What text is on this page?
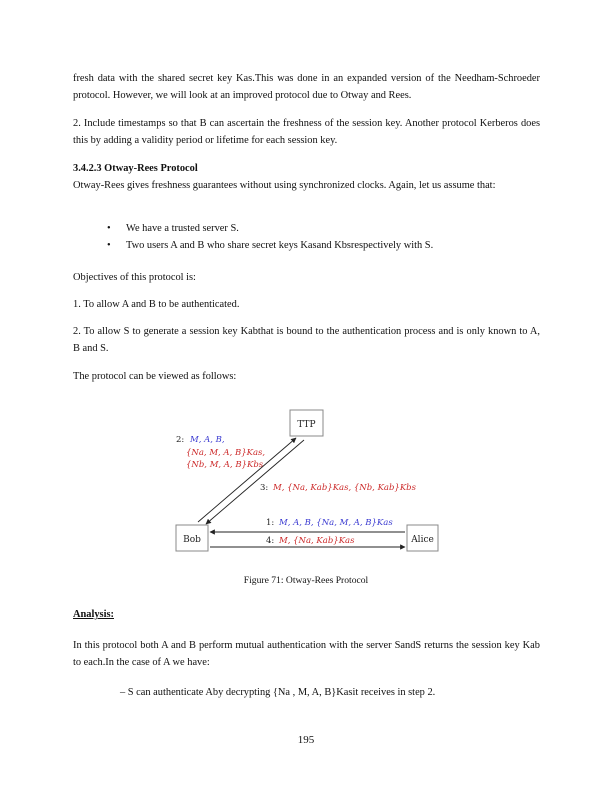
fresh data with the shared secret key Kas.This was done in an expanded version of the Needham-Schroeder protocol. However, we will look at an improved protocol due to Otway and Rees.

2. Include timestamps so that B can ascertain the freshness of the session key. Another protocol Kerberos does this by adding a validity period or lifetime for each session key.

3.4.2.3 Otway-Rees Protocol

Otway-Rees gives freshness guarantees without using synchronized clocks. Again, let us assume that:

• We have a trusted server S.
• Two users A and B who share secret keys Kasand Kbsrespectively with S.

Objectives of this protocol is:

1. To allow A and B to be authenticated.

2. To allow S to generate a session key Kabthat is bound to the authentication process and is only known to A, B and S.

The protocol can be viewed as follows:

TTP
Bob	Alice
2: M, A, B,
{Na, M, A, B}Kas,
{Nb, M, A, B}Kbs
3: M, {Na, Kab}Kas, {Nb, Kab}Kbs
1: M, A, B, {Na, M, A, B}Kas
4: M, {Na, Kab}Kas
Figure 71: Otway-Rees Protocol

Analysis:

In this protocol both A and B perform mutual authentication with the server SandS returns the session key Kab to each.In the case of A we have:

– S can authenticate Aby decrypting {Na , M, A, B}Kasit receives in step 2.

195
